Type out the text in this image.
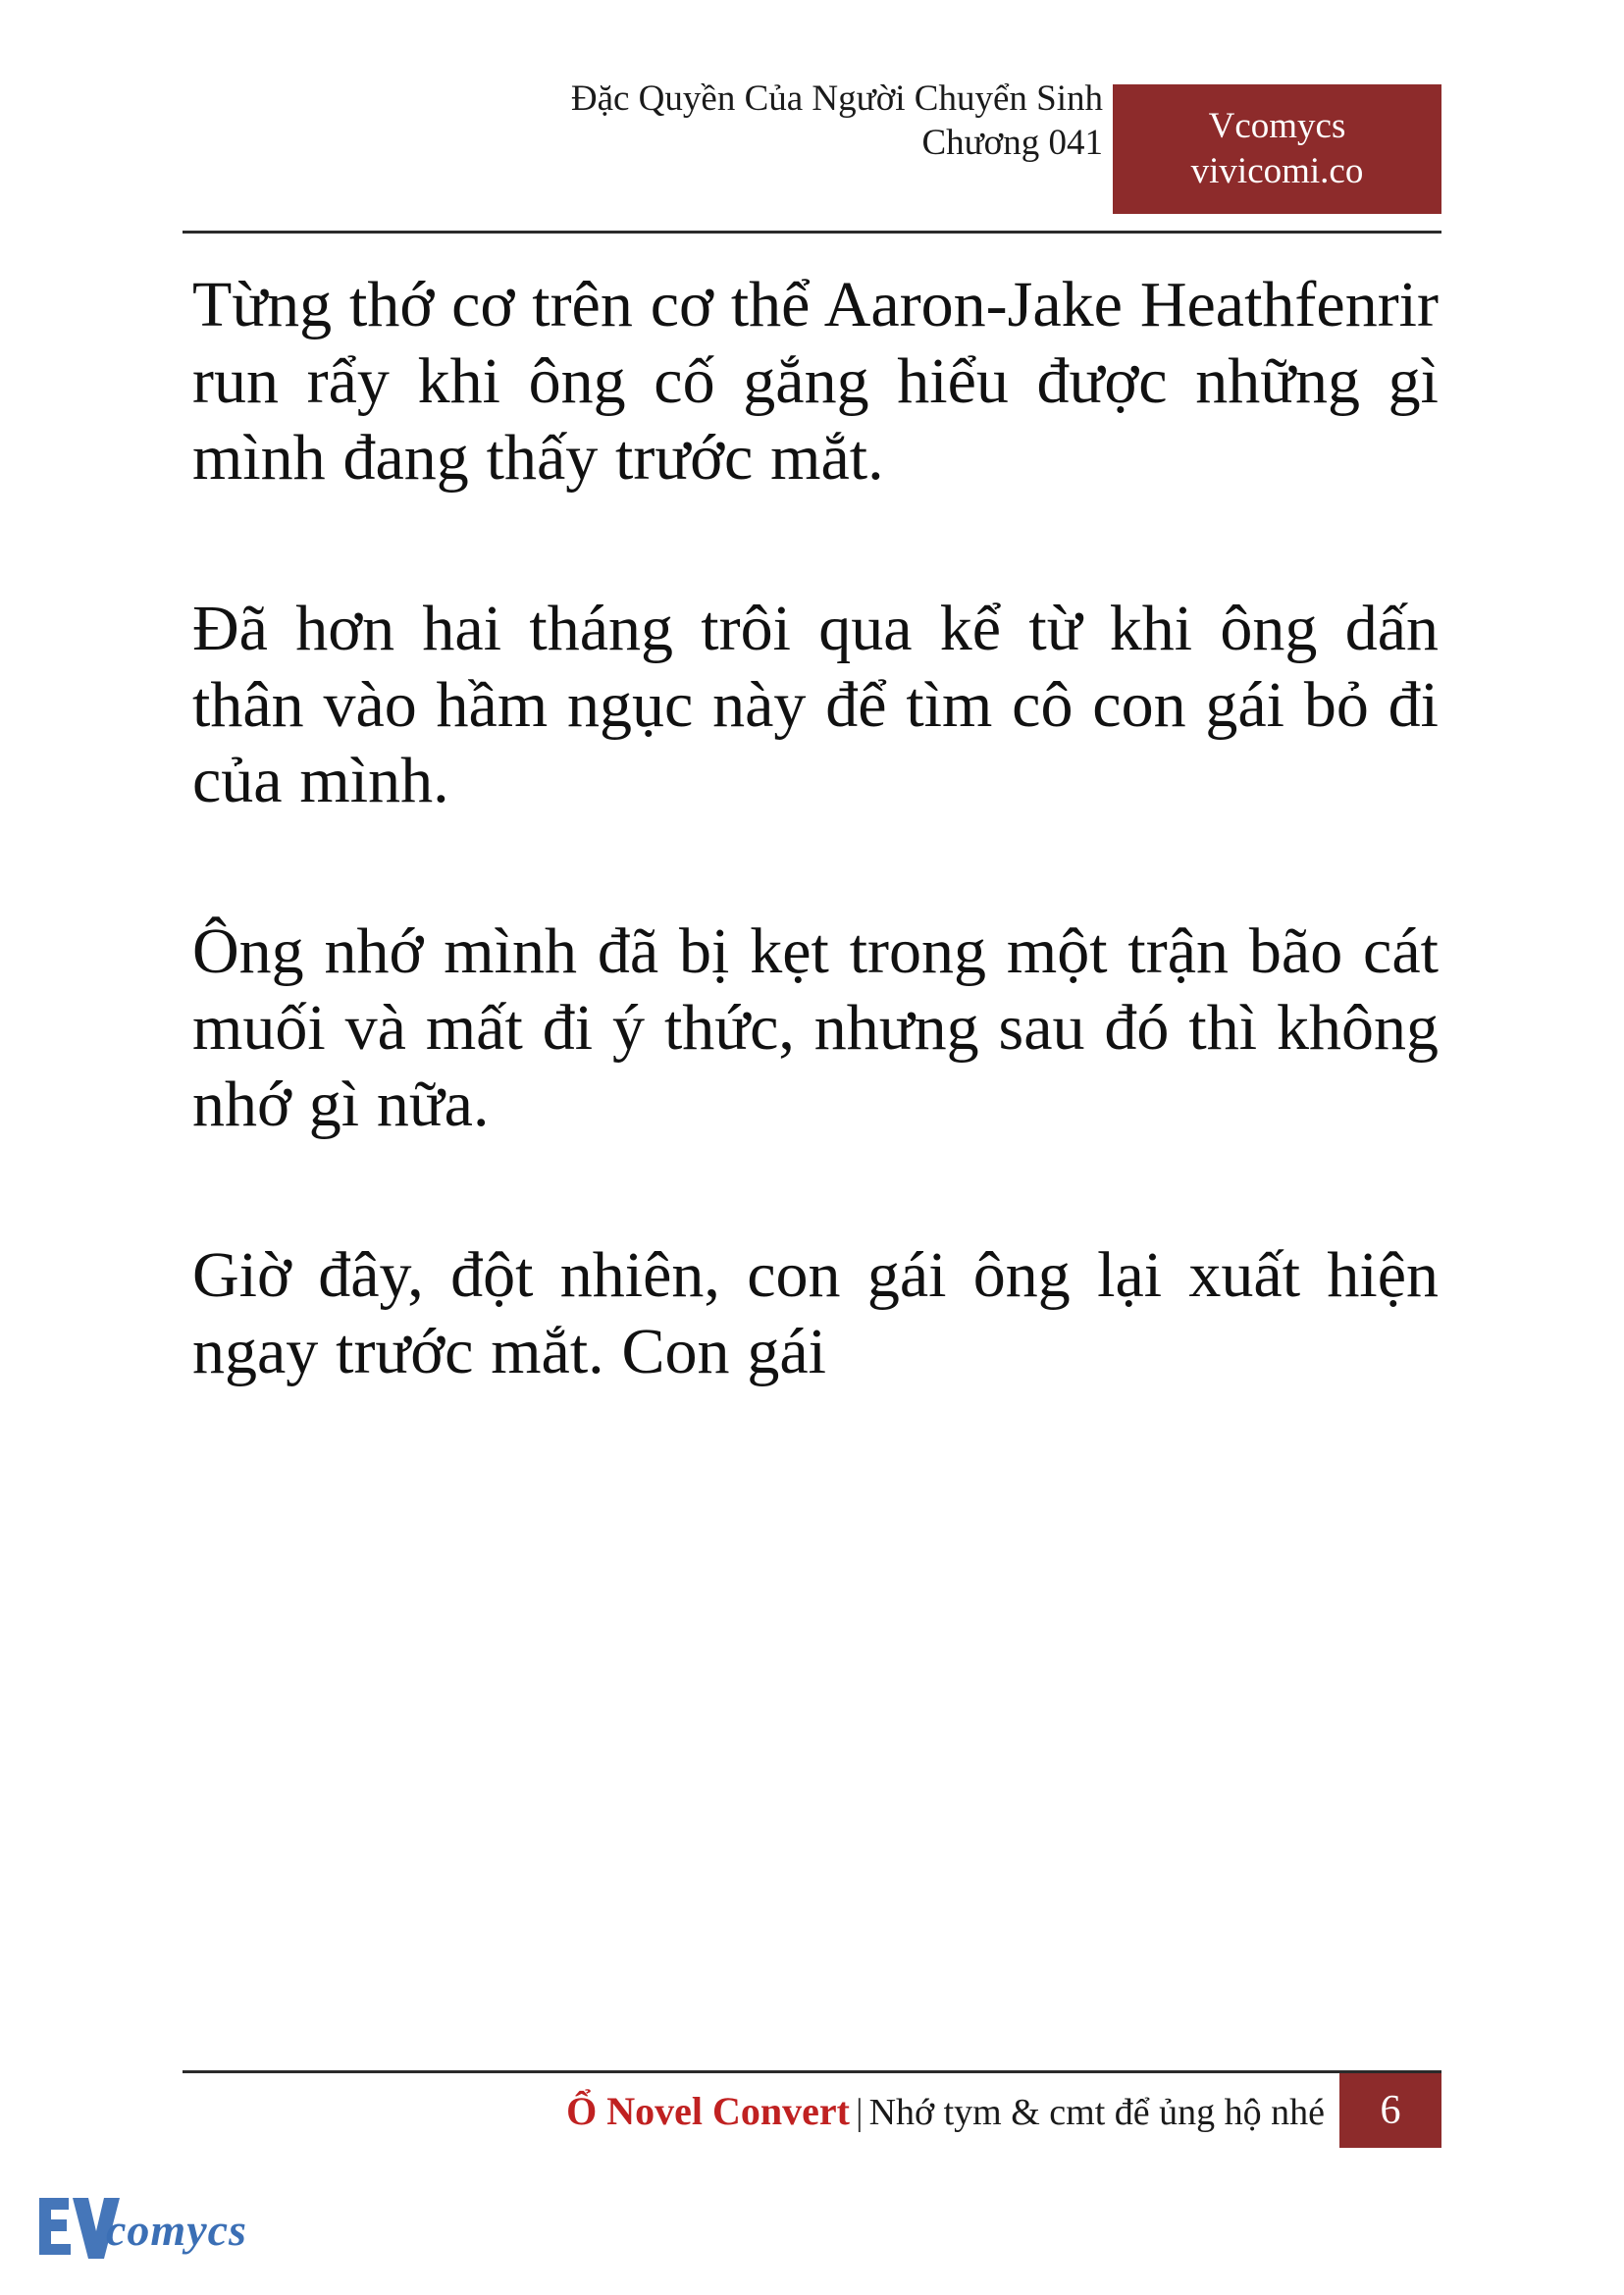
Đặc Quyền Của Người Chuyển Sinh
Chương 041	Vcomycs
vivicomi.co

Từng thớ cơ trên cơ thể Aaron-Jake Heathfenrir run rẩy khi ông cố gắng hiểu được những gì mình đang thấy trước mắt.

Đã hơn hai tháng trôi qua kể từ khi ông dấn thân vào hầm ngục này để tìm cô con gái bỏ đi của mình.

Ông nhớ mình đã bị kẹt trong một trận bão cát muối và mất đi ý thức, nhưng sau đó thì không nhớ gì nữa.

Giờ đây, đột nhiên, con gái ông lại xuất hiện ngay trước mắt. Con gái

Ổ Novel Convert | Nhớ tym & cmt để ủng hộ nhé	6
comycs
